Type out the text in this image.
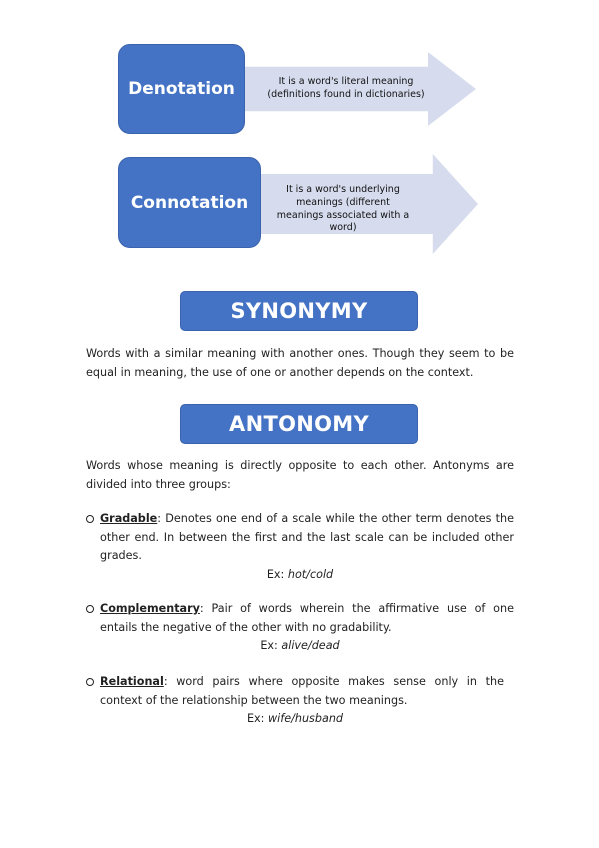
It is a word's literal meaning (definitions found in dictionaries)
Denotation
It is a word's underlying meanings (different meanings associated with a word)
Connotation
SYNONYMY

Words with a similar meaning with another ones. Though they seem to be equal in meaning, the use of one or another depends on the context.

ANTONOMY

Words whose meaning is directly opposite to each other. Antonyms are divided into three groups:

Gradable: Denotes one end of a scale while the other term denotes the other end. In between the first and the last scale can be included other grades.
Ex: hot/cold
Complementary: Pair of words wherein the affirmative use of one entails the negative of the other with no gradability.
Ex: alive/dead
Relational: word pairs where opposite makes sense only in the context of the relationship between the two meanings.
Ex: wife/husband
